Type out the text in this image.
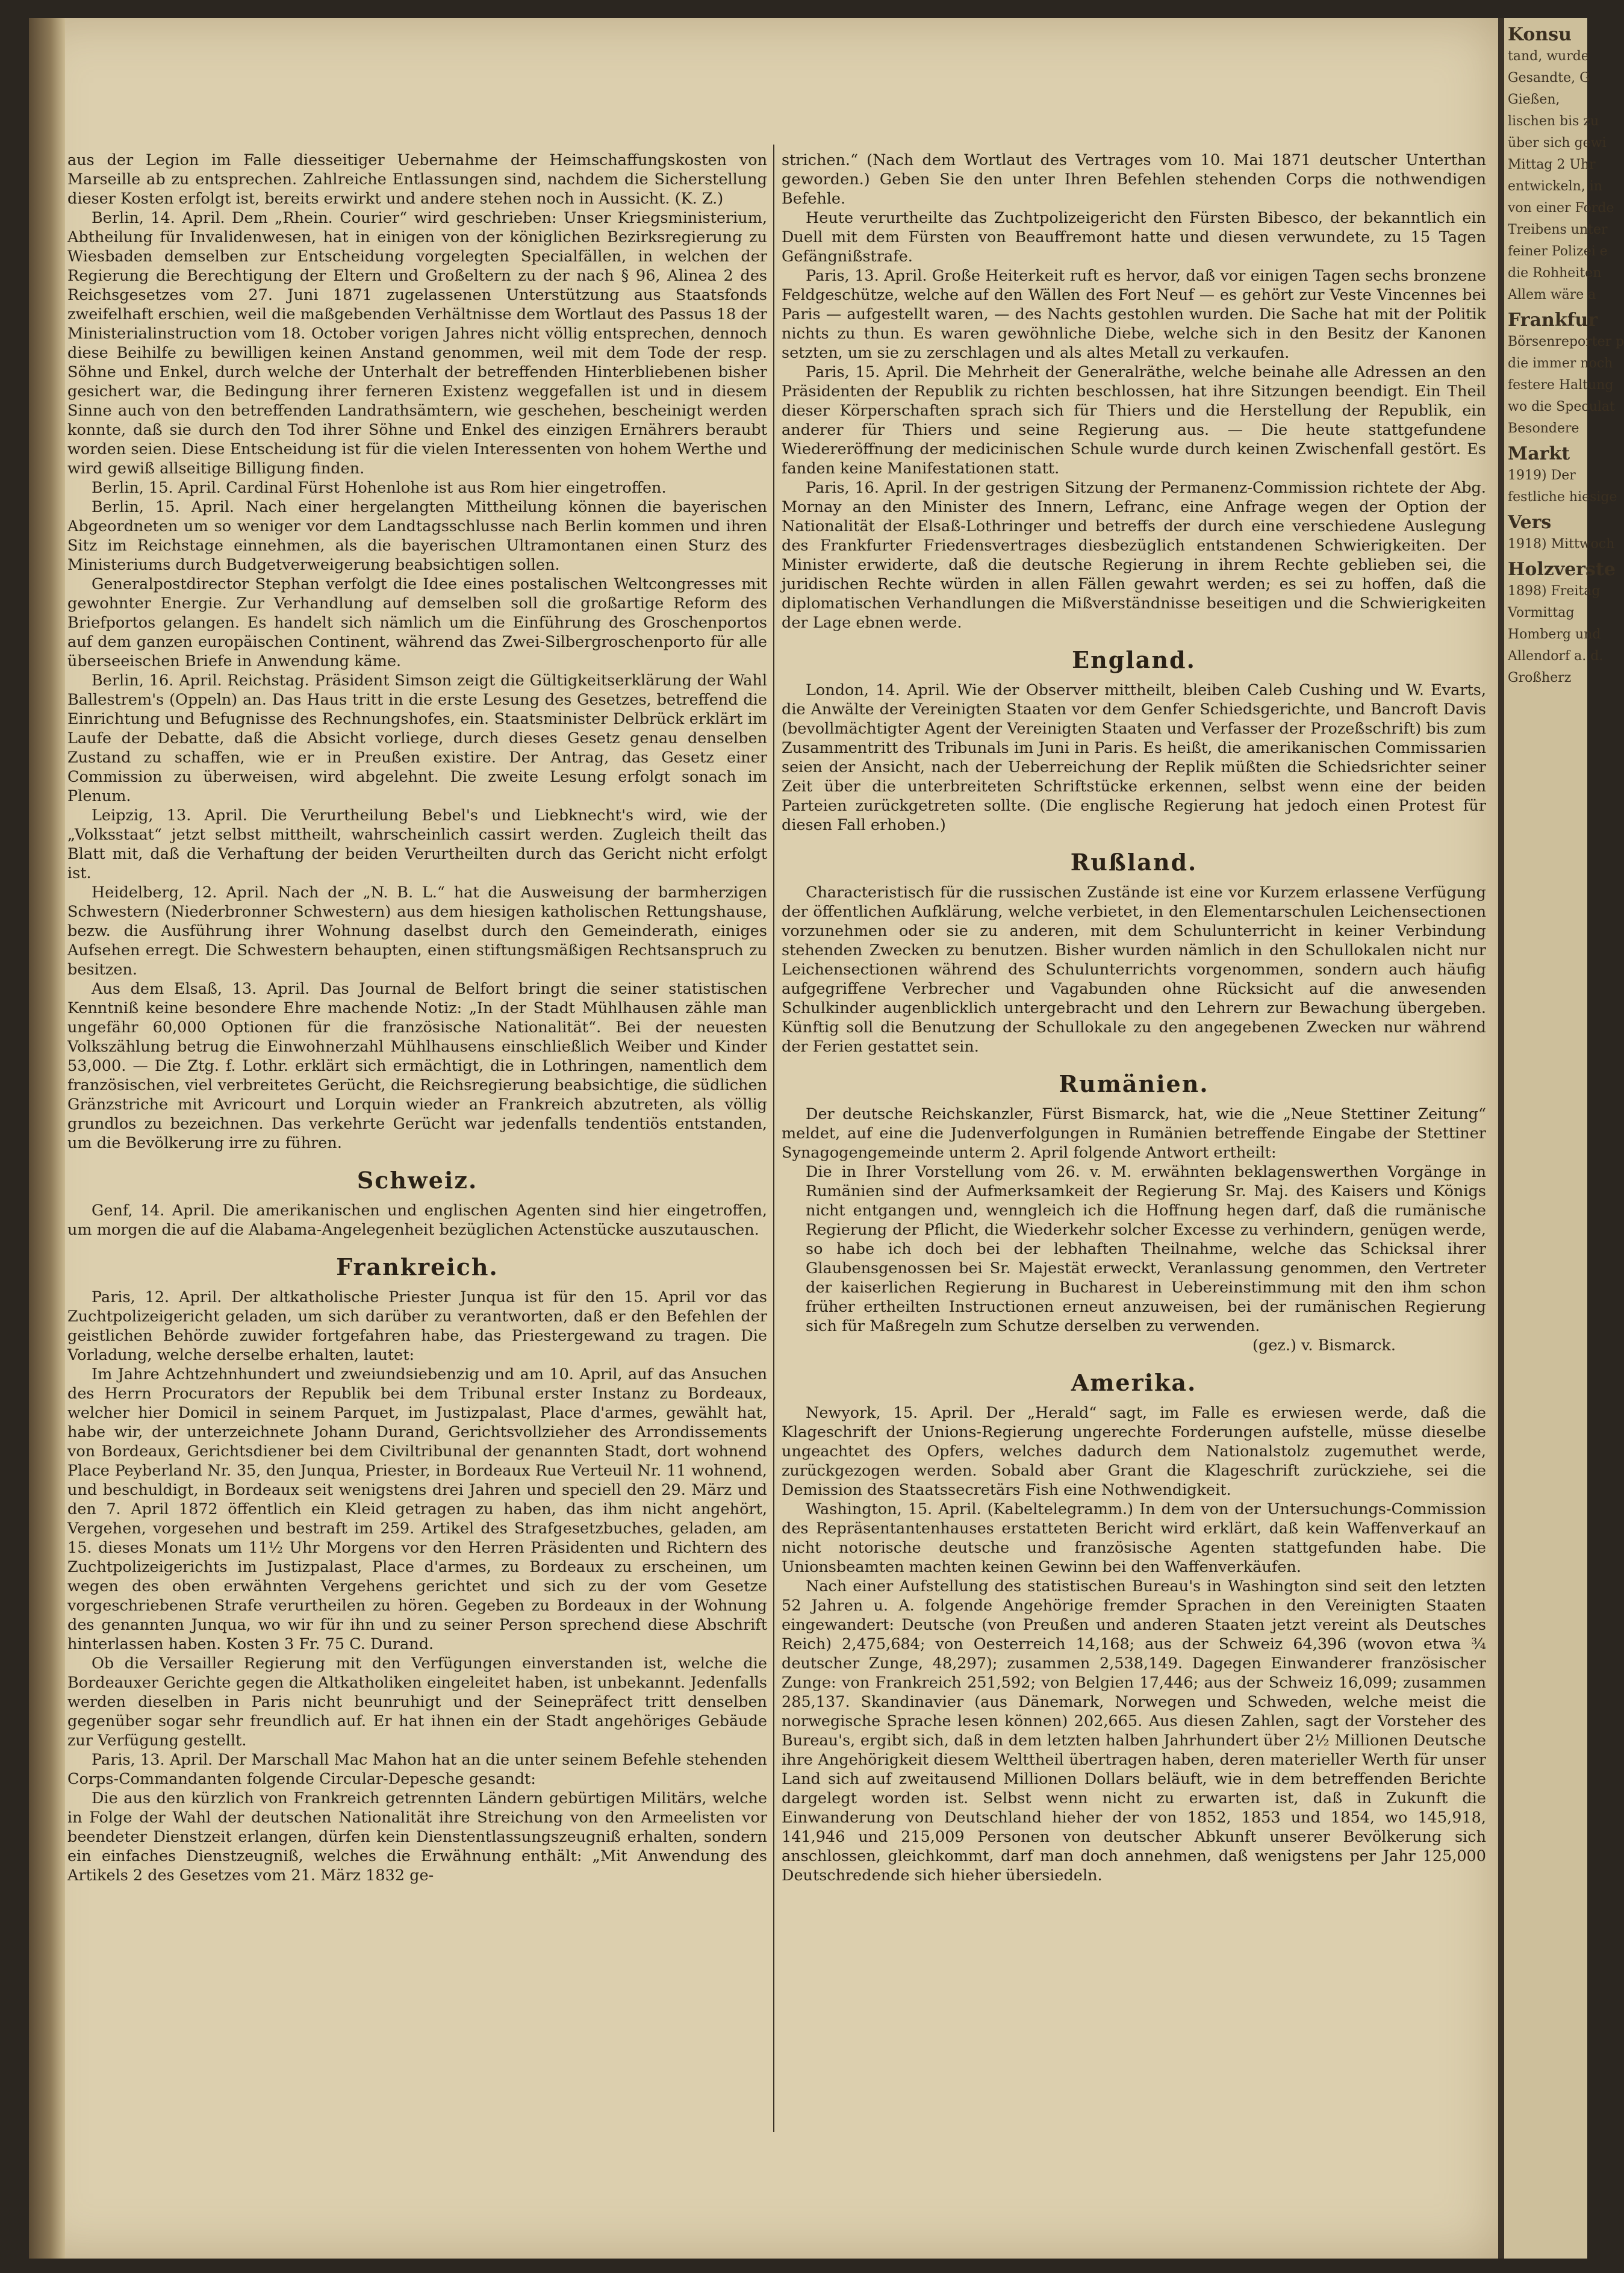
aus der Legion im Falle diesseitiger Uebernahme der Heimschaffungskosten von Marseille ab zu entsprechen. Zahlreiche Entlassungen sind, nachdem die Sicherstellung dieser Kosten erfolgt ist, bereits erwirkt und andere stehen noch in Aussicht. (K. Z.)

Berlin, 14. April. Dem „Rhein. Courier“ wird geschrieben: Unser Kriegsministerium, Abtheilung für Invalidenwesen, hat in einigen von der königlichen Bezirksregierung zu Wiesbaden demselben zur Entscheidung vorgelegten Specialfällen, in welchen der Regierung die Berechtigung der Eltern und Großeltern zu der nach § 96, Alinea 2 des Reichsgesetzes vom 27. Juni 1871 zugelassenen Unterstützung aus Staatsfonds zweifelhaft erschien, weil die maßgebenden Verhältnisse dem Wortlaut des Passus 18 der Ministerialinstruction vom 18. October vorigen Jahres nicht völlig entsprechen, dennoch diese Beihilfe zu bewilligen keinen Anstand genommen, weil mit dem Tode der resp. Söhne und Enkel, durch welche der Unterhalt der betreffenden Hinterbliebenen bisher gesichert war, die Bedingung ihrer ferneren Existenz weggefallen ist und in diesem Sinne auch von den betreffenden Landrathsämtern, wie geschehen, bescheinigt werden konnte, daß sie durch den Tod ihrer Söhne und Enkel des einzigen Ernährers beraubt worden seien. Diese Entscheidung ist für die vielen Interessenten von hohem Werthe und wird gewiß allseitige Billigung finden.

Berlin, 15. April. Cardinal Fürst Hohenlohe ist aus Rom hier eingetroffen.

Berlin, 15. April. Nach einer hergelangten Mittheilung können die bayerischen Abgeordneten um so weniger vor dem Landtagsschlusse nach Berlin kommen und ihren Sitz im Reichstage einnehmen, als die bayerischen Ultramontanen einen Sturz des Ministeriums durch Budgetverweigerung beabsichtigen sollen.

Generalpostdirector Stephan verfolgt die Idee eines postalischen Weltcongresses mit gewohnter Energie. Zur Verhandlung auf demselben soll die großartige Reform des Briefportos gelangen. Es handelt sich nämlich um die Einführung des Groschenportos auf dem ganzen europäischen Continent, während das Zwei-Silbergroschenporto für alle überseeischen Briefe in Anwendung käme.

Berlin, 16. April. Reichstag. Präsident Simson zeigt die Gültigkeitserklärung der Wahl Ballestrem's (Oppeln) an. Das Haus tritt in die erste Lesung des Gesetzes, betreffend die Einrichtung und Befugnisse des Rechnungshofes, ein. Staatsminister Delbrück erklärt im Laufe der Debatte, daß die Absicht vorliege, durch dieses Gesetz genau denselben Zustand zu schaffen, wie er in Preußen existire. Der Antrag, das Gesetz einer Commission zu überweisen, wird abgelehnt. Die zweite Lesung erfolgt sonach im Plenum.

Leipzig, 13. April. Die Verurtheilung Bebel's und Liebknecht's wird, wie der „Volksstaat“ jetzt selbst mittheilt, wahrscheinlich cassirt werden. Zugleich theilt das Blatt mit, daß die Verhaftung der beiden Verurtheilten durch das Gericht nicht erfolgt ist.

Heidelberg, 12. April. Nach der „N. B. L.“ hat die Ausweisung der barmherzigen Schwestern (Niederbronner Schwestern) aus dem hiesigen katholischen Rettungshause, bezw. die Ausführung ihrer Wohnung daselbst durch den Gemeinderath, einiges Aufsehen erregt. Die Schwestern behaupten, einen stiftungsmäßigen Rechtsanspruch zu besitzen.

Aus dem Elsaß, 13. April. Das Journal de Belfort bringt die seiner statistischen Kenntniß keine besondere Ehre machende Notiz: „In der Stadt Mühlhausen zähle man ungefähr 60,000 Optionen für die französische Nationalität“. Bei der neuesten Volkszählung betrug die Einwohnerzahl Mühlhausens einschließlich Weiber und Kinder 53,000. — Die Ztg. f. Lothr. erklärt sich ermächtigt, die in Lothringen, namentlich dem französischen, viel verbreitetes Gerücht, die Reichsregierung beabsichtige, die südlichen Gränzstriche mit Avricourt und Lorquin wieder an Frankreich abzutreten, als völlig grundlos zu bezeichnen. Das verkehrte Gerücht war jedenfalls tendentiös entstanden, um die Bevölkerung irre zu führen.

Schweiz.

Genf, 14. April. Die amerikanischen und englischen Agenten sind hier eingetroffen, um morgen die auf die Alabama-Angelegenheit bezüglichen Actenstücke auszutauschen.

Frankreich.

Paris, 12. April. Der altkatholische Priester Junqua ist für den 15. April vor das Zuchtpolizeigericht geladen, um sich darüber zu verantworten, daß er den Befehlen der geistlichen Behörde zuwider fortgefahren habe, das Priestergewand zu tragen. Die Vorladung, welche derselbe erhalten, lautet:

Im Jahre Achtzehnhundert und zweiundsiebenzig und am 10. April, auf das Ansuchen des Herrn Procurators der Republik bei dem Tribunal erster Instanz zu Bordeaux, welcher hier Domicil in seinem Parquet, im Justizpalast, Place d'armes, gewählt hat, habe wir, der unterzeichnete Johann Durand, Gerichtsvollzieher des Arrondissements von Bordeaux, Gerichtsdiener bei dem Civiltribunal der genannten Stadt, dort wohnend Place Peyberland Nr. 35, den Junqua, Priester, in Bordeaux Rue Verteuil Nr. 11 wohnend, und beschuldigt, in Bordeaux seit wenigstens drei Jahren und speciell den 29. März und den 7. April 1872 öffentlich ein Kleid getragen zu haben, das ihm nicht angehört, Vergehen, vorgesehen und bestraft im 259. Artikel des Strafgesetzbuches, geladen, am 15. dieses Monats um 11½ Uhr Morgens vor den Herren Präsidenten und Richtern des Zuchtpolizeigerichts im Justizpalast, Place d'armes, zu Bordeaux zu erscheinen, um wegen des oben erwähnten Vergehens gerichtet und sich zu der vom Gesetze vorgeschriebenen Strafe verurtheilen zu hören. Gegeben zu Bordeaux in der Wohnung des genannten Junqua, wo wir für ihn und zu seiner Person sprechend diese Abschrift hinterlassen haben. Kosten 3 Fr. 75 C. Durand.

Ob die Versailler Regierung mit den Verfügungen einverstanden ist, welche die Bordeauxer Gerichte gegen die Altkatholiken eingeleitet haben, ist unbekannt. Jedenfalls werden dieselben in Paris nicht beunruhigt und der Seinepräfect tritt denselben gegenüber sogar sehr freundlich auf. Er hat ihnen ein der Stadt angehöriges Gebäude zur Verfügung gestellt.

Paris, 13. April. Der Marschall Mac Mahon hat an die unter seinem Befehle stehenden Corps-Commandanten folgende Circular-Depesche gesandt:

Die aus den kürzlich von Frankreich getrennten Ländern gebürtigen Militärs, welche in Folge der Wahl der deutschen Nationalität ihre Streichung von den Armeelisten vor beendeter Dienstzeit erlangen, dürfen kein Dienstentlassungszeugniß erhalten, sondern ein einfaches Dienstzeugniß, welches die Erwähnung enthält: „Mit Anwendung des Artikels 2 des Gesetzes vom 21. März 1832 ge-

strichen.“ (Nach dem Wortlaut des Vertrages vom 10. Mai 1871 deutscher Unterthan geworden.) Geben Sie den unter Ihren Befehlen stehenden Corps die nothwendigen Befehle.

Heute verurtheilte das Zuchtpolizeigericht den Fürsten Bibesco, der bekanntlich ein Duell mit dem Fürsten von Beauffremont hatte und diesen verwundete, zu 15 Tagen Gefängnißstrafe.

Paris, 13. April. Große Heiterkeit ruft es hervor, daß vor einigen Tagen sechs bronzene Feldgeschütze, welche auf den Wällen des Fort Neuf — es gehört zur Veste Vincennes bei Paris — aufgestellt waren, — des Nachts gestohlen wurden. Die Sache hat mit der Politik nichts zu thun. Es waren gewöhnliche Diebe, welche sich in den Besitz der Kanonen setzten, um sie zu zerschlagen und als altes Metall zu verkaufen.

Paris, 15. April. Die Mehrheit der Generalräthe, welche beinahe alle Adressen an den Präsidenten der Republik zu richten beschlossen, hat ihre Sitzungen beendigt. Ein Theil dieser Körperschaften sprach sich für Thiers und die Herstellung der Republik, ein anderer für Thiers und seine Regierung aus. — Die heute stattgefundene Wiedereröffnung der medicinischen Schule wurde durch keinen Zwischenfall gestört. Es fanden keine Manifestationen statt.

Paris, 16. April. In der gestrigen Sitzung der Permanenz-Commission richtete der Abg. Mornay an den Minister des Innern, Lefranc, eine Anfrage wegen der Option der Nationalität der Elsaß-Lothringer und betreffs der durch eine verschiedene Auslegung des Frankfurter Friedensvertrages diesbezüglich entstandenen Schwierigkeiten. Der Minister erwiderte, daß die deutsche Regierung in ihrem Rechte geblieben sei, die juridischen Rechte würden in allen Fällen gewahrt werden; es sei zu hoffen, daß die diplomatischen Verhandlungen die Mißverständnisse beseitigen und die Schwierigkeiten der Lage ebnen werde.

England.

London, 14. April. Wie der Observer mittheilt, bleiben Caleb Cushing und W. Evarts, die Anwälte der Vereinigten Staaten vor dem Genfer Schiedsgerichte, und Bancroft Davis (bevollmächtigter Agent der Vereinigten Staaten und Verfasser der Prozeßschrift) bis zum Zusammentritt des Tribunals im Juni in Paris. Es heißt, die amerikanischen Commissarien seien der Ansicht, nach der Ueberreichung der Replik müßten die Schiedsrichter seiner Zeit über die unterbreiteten Schriftstücke erkennen, selbst wenn eine der beiden Parteien zurückgetreten sollte. (Die englische Regierung hat jedoch einen Protest für diesen Fall erhoben.)

Rußland.

Characteristisch für die russischen Zustände ist eine vor Kurzem erlassene Verfügung der öffentlichen Aufklärung, welche verbietet, in den Elementarschulen Leichensectionen vorzunehmen oder sie zu anderen, mit dem Schulunterricht in keiner Verbindung stehenden Zwecken zu benutzen. Bisher wurden nämlich in den Schullokalen nicht nur Leichensectionen während des Schulunterrichts vorgenommen, sondern auch häufig aufgegriffene Verbrecher und Vagabunden ohne Rücksicht auf die anwesenden Schulkinder augenblicklich untergebracht und den Lehrern zur Bewachung übergeben. Künftig soll die Benutzung der Schullokale zu den angegebenen Zwecken nur während der Ferien gestattet sein.

Rumänien.

Der deutsche Reichskanzler, Fürst Bismarck, hat, wie die „Neue Stettiner Zeitung“ meldet, auf eine die Judenverfolgungen in Rumänien betreffende Eingabe der Stettiner Synagogengemeinde unterm 2. April folgende Antwort ertheilt:

Die in Ihrer Vorstellung vom 26. v. M. erwähnten beklagenswerthen Vorgänge in Rumänien sind der Aufmerksamkeit der Regierung Sr. Maj. des Kaisers und Königs nicht entgangen und, wenngleich ich die Hoffnung hegen darf, daß die rumänische Regierung der Pflicht, die Wiederkehr solcher Excesse zu verhindern, genügen werde, so habe ich doch bei der lebhaften Theilnahme, welche das Schicksal ihrer Glaubensgenossen bei Sr. Majestät erweckt, Veranlassung genommen, den Vertreter der kaiserlichen Regierung in Bucharest in Uebereinstimmung mit den ihm schon früher ertheilten Instructionen erneut anzuweisen, bei der rumänischen Regierung sich für Maßregeln zum Schutze derselben zu verwenden.

(gez.) v. Bismarck.

Amerika.

Newyork, 15. April. Der „Herald“ sagt, im Falle es erwiesen werde, daß die Klageschrift der Unions-Regierung ungerechte Forderungen aufstelle, müsse dieselbe ungeachtet des Opfers, welches dadurch dem Nationalstolz zugemuthet werde, zurückgezogen werden. Sobald aber Grant die Klageschrift zurückziehe, sei die Demission des Staatssecretärs Fish eine Nothwendigkeit.

Washington, 15. April. (Kabeltelegramm.) In dem von der Untersuchungs-Commission des Repräsentantenhauses erstatteten Bericht wird erklärt, daß kein Waffenverkauf an nicht notorische deutsche und französische Agenten stattgefunden habe. Die Unionsbeamten machten keinen Gewinn bei den Waffenverkäufen.

Nach einer Aufstellung des statistischen Bureau's in Washington sind seit den letzten 52 Jahren u. A. folgende Angehörige fremder Sprachen in den Vereinigten Staaten eingewandert: Deutsche (von Preußen und anderen Staaten jetzt vereint als Deutsches Reich) 2,475,684; von Oesterreich 14,168; aus der Schweiz 64,396 (wovon etwa ¾ deutscher Zunge, 48,297); zusammen 2,538,149. Dagegen Einwanderer französischer Zunge: von Frankreich 251,592; von Belgien 17,446; aus der Schweiz 16,099; zusammen 285,137. Skandinavier (aus Dänemark, Norwegen und Schweden, welche meist die norwegische Sprache lesen können) 202,665. Aus diesen Zahlen, sagt der Vorsteher des Bureau's, ergibt sich, daß in dem letzten halben Jahrhundert über 2½ Millionen Deutsche ihre Angehörigkeit diesem Welttheil übertragen haben, deren materieller Werth für unser Land sich auf zweitausend Millionen Dollars beläuft, wie in dem betreffenden Berichte dargelegt worden ist. Selbst wenn nicht zu erwarten ist, daß in Zukunft die Einwanderung von Deutschland hieher der von 1852, 1853 und 1854, wo 145,918, 141,946 und 215,009 Personen von deutscher Abkunft unserer Bevölkerung sich anschlossen, gleichkommt, darf man doch annehmen, daß wenigstens per Jahr 125,000 Deutschredende sich hieher übersiedeln.

Konsu

tand, wurde

Gesandte, G

Gießen,

lischen bis zu

über sich gewi

Mittag 2 Uhr

entwickeln, in

von einer Forde

Treibens unter

feiner Polizei e

die Rohheiten

Allem wäre a

Frankfur

Börsenreporter p

die immer noch

festere Haltung

wo die Speculat

Besondere

Markt

1919) Der

festliche hiesige

Vers

1918) Mittwoch

Holzverste

1898) Freitag

Vormittag

Homberg und

Allendorf a. d.

Großherz
